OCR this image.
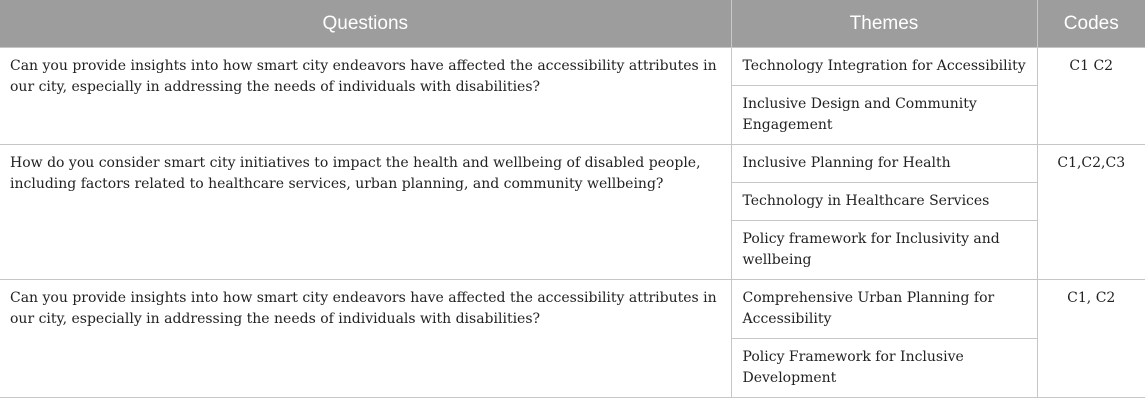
Questions	Themes	Codes
Can you provide insights into how smart city endeavors have affected the accessibility attributes in our city, especially in addressing the needs of individuals with disabilities?	Technology Integration for Accessibility	C1 C2
	Inclusive Design and Community Engagement	
How do you consider smart city initiatives to impact the health and wellbeing of disabled people, including factors related to healthcare services, urban planning, and community wellbeing?	Inclusive Planning for Health	C1,C2,C3
	Technology in Healthcare Services	
	Policy framework for Inclusivity and wellbeing	
Can you provide insights into how smart city endeavors have affected the accessibility attributes in our city, especially in addressing the needs of individuals with disabilities?	Comprehensive Urban Planning for Accessibility	C1, C2
	Policy Framework for Inclusive Development	
